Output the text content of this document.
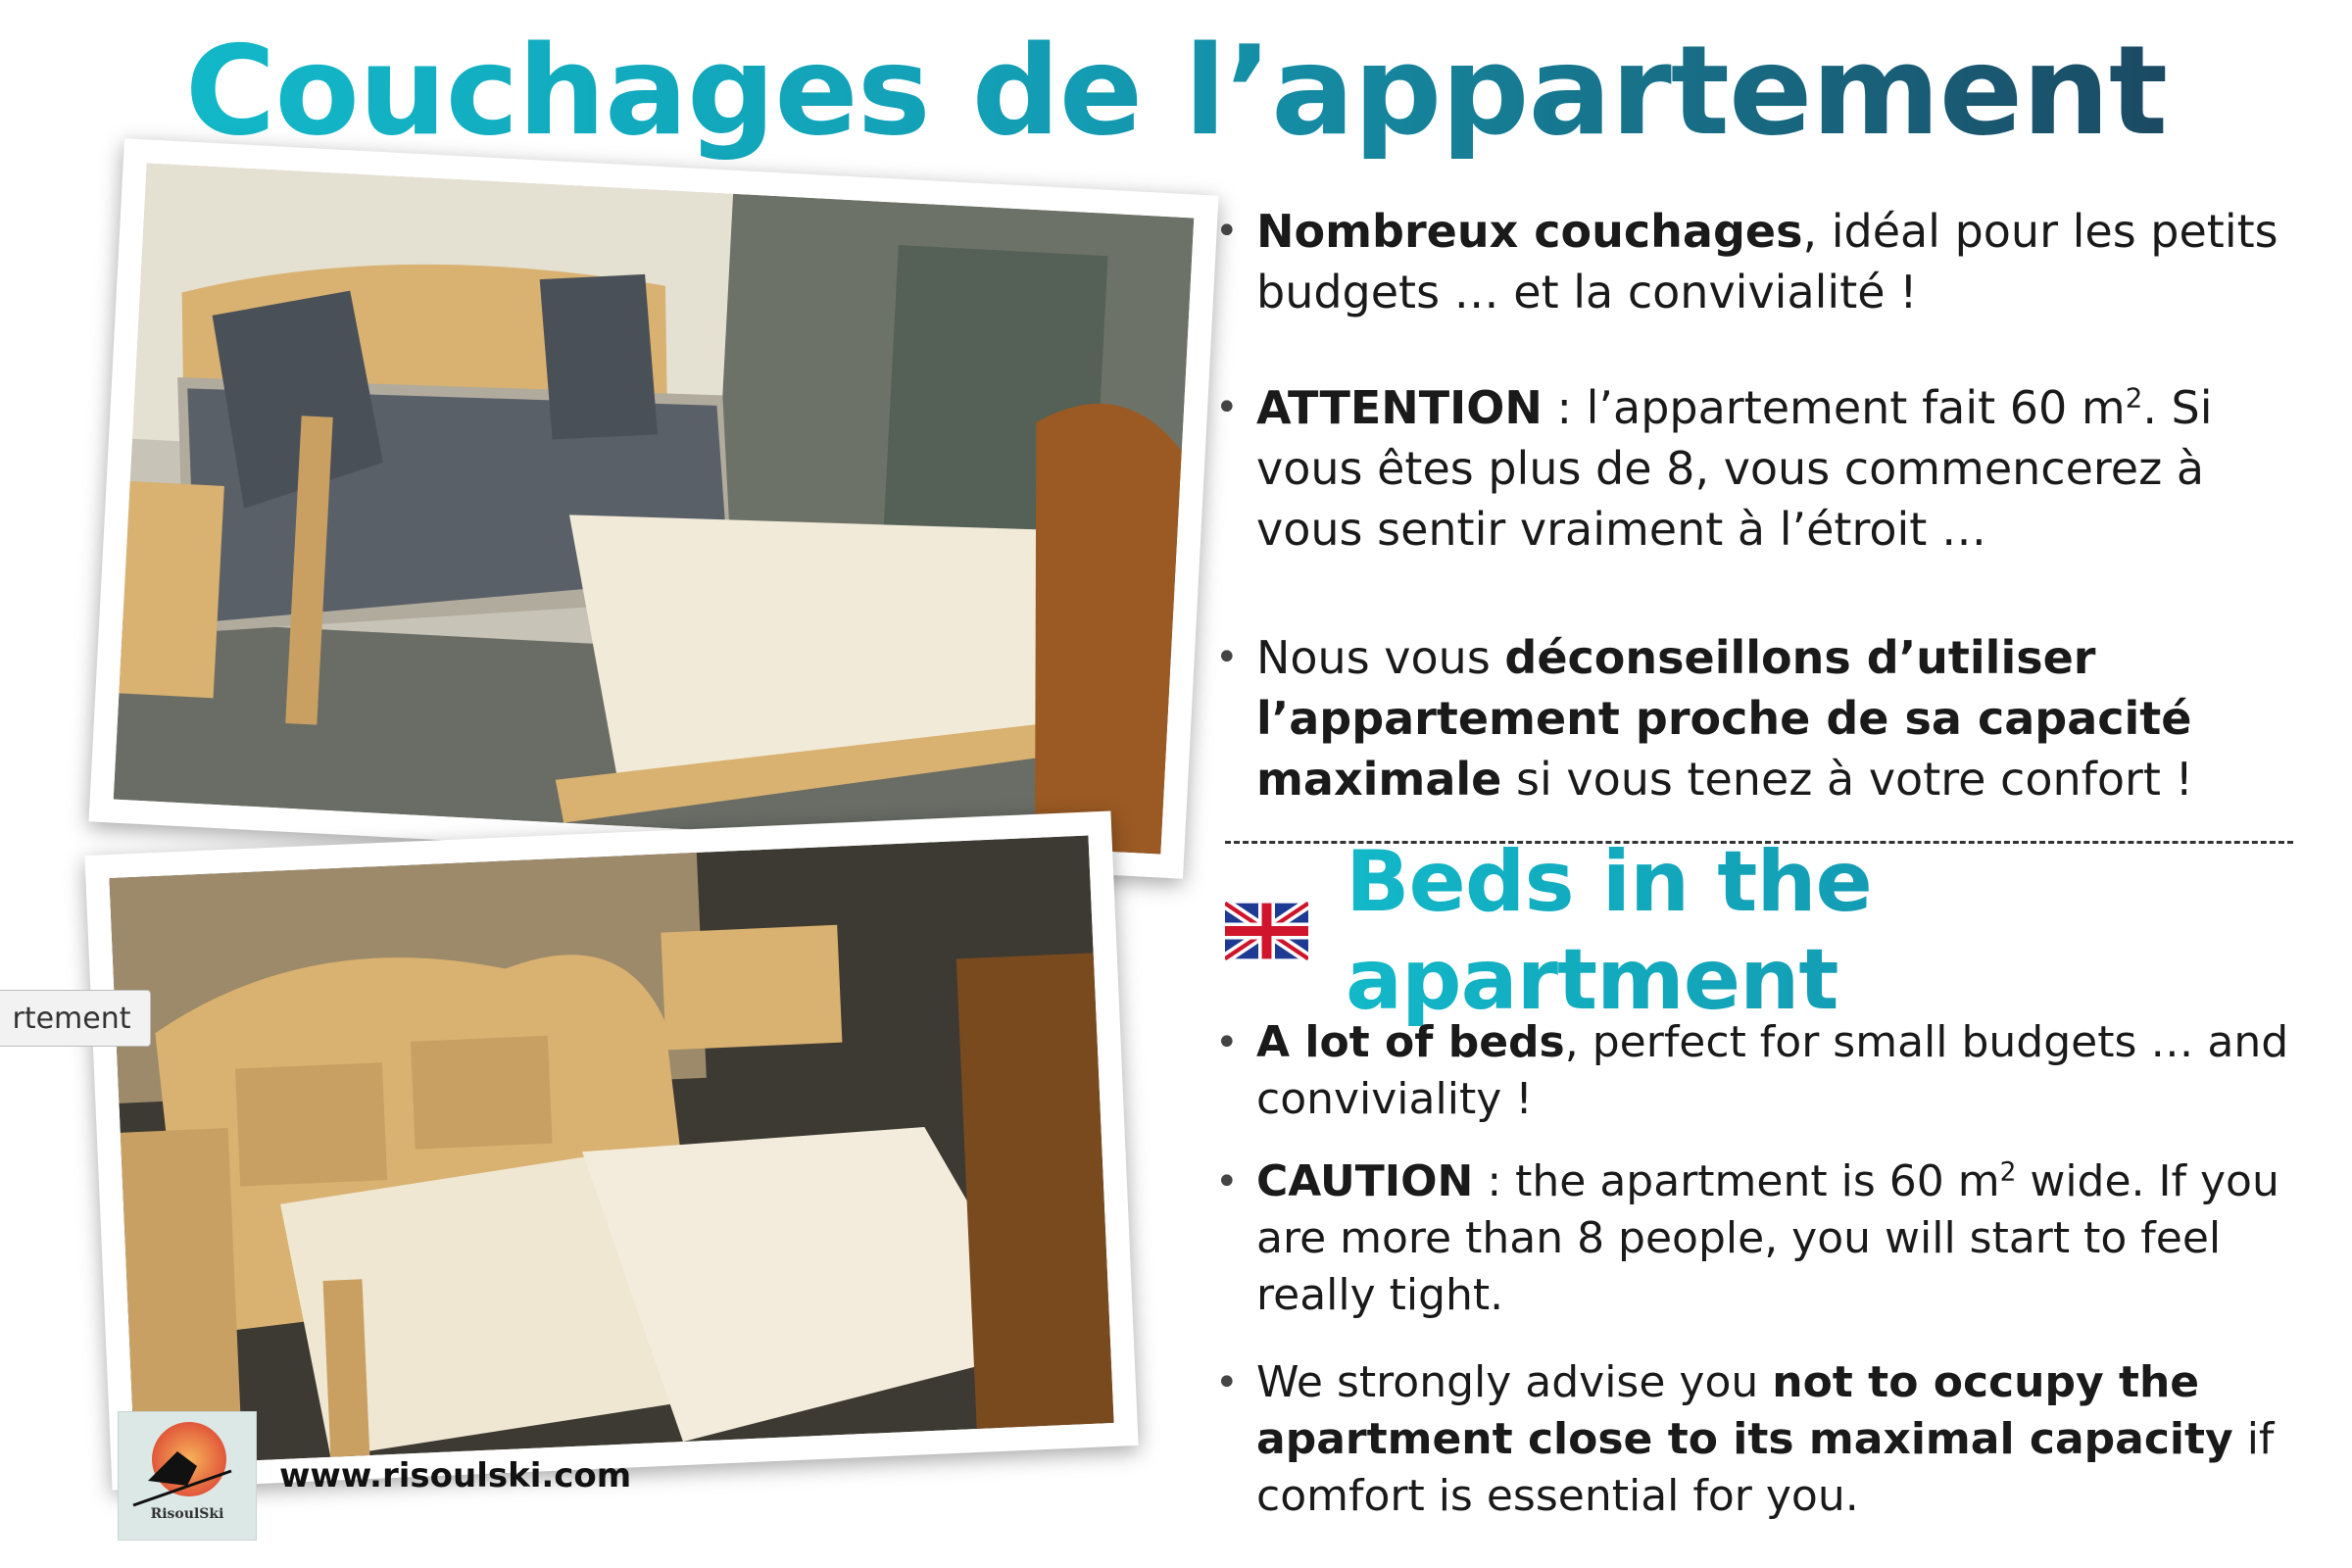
Couchages de l’appartement
rtement

• Nombreux couchages, idéal pour les petits budgets … et la convivialité !

• ATTENTION : l’appartement fait 60 $m^2$. Si vous êtes plus de 8, vous commencerez à vous sentir vraiment à l’étroit …

• Nous vous déconseillons d’utiliser l’appartement proche de sa capacité maximale si vous tenez à votre confort !

Beds in the apartment

• A lot of beds, perfect for small budgets … and conviviality !

• CAUTION : the apartment is 60 $m^2$ wide. If you are more than 8 people, you will start to feel really tight.

• We strongly advise you not to occupy the apartment close to its maximal capacity if comfort is essential for you.

RisoulSki
www.risoulski.com
